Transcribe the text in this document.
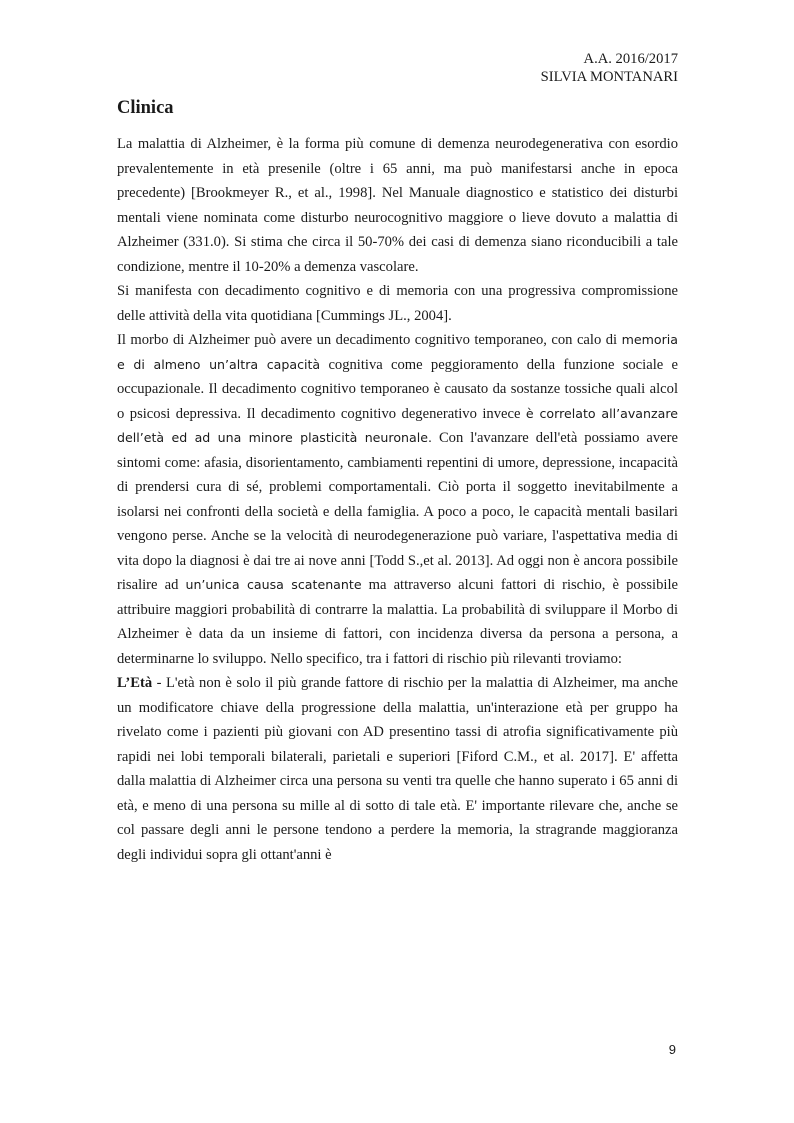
A.A. 2016/2017
SILVIA MONTANARI
Clinica

La malattia di Alzheimer, è la forma più comune di demenza neurodegenerativa con esordio prevalentemente in età presenile (oltre i 65 anni, ma può manifestarsi anche in epoca precedente) [Brookmeyer R., et al., 1998]. Nel Manuale diagnostico e statistico dei disturbi mentali viene nominata come disturbo neurocognitivo maggiore o lieve dovuto a malattia di Alzheimer (331.0). Si stima che circa il 50-70% dei casi di demenza siano riconducibili a tale condizione, mentre il 10-20% a demenza vascolare.

Si manifesta con decadimento cognitivo e di memoria con una progressiva compromissione delle attività della vita quotidiana [Cummings JL., 2004].

Il morbo di Alzheimer può avere un decadimento cognitivo temporaneo, con calo di memoria e di almeno un’altra capacità cognitiva come peggioramento della funzione sociale e occupazionale. Il decadimento cognitivo temporaneo è causato da sostanze tossiche quali alcol o psicosi depressiva. Il decadimento cognitivo degenerativo invece è correlato all’avanzare dell’età ed ad una minore plasticità neuronale. Con l'avanzare dell'età possiamo avere sintomi come: afasia, disorientamento, cambiamenti repentini di umore, depressione, incapacità di prendersi cura di sé, problemi comportamentali. Ciò porta il soggetto inevitabilmente a isolarsi nei confronti della società e della famiglia. A poco a poco, le capacità mentali basilari vengono perse. Anche se la velocità di neurodegenerazione può variare, l'aspettativa media di vita dopo la diagnosi è dai tre ai nove anni [Todd S.,et al. 2013]. Ad oggi non è ancora possibile risalire ad un’unica causa scatenante ma attraverso alcuni fattori di rischio, è possibile attribuire maggiori probabilità di contrarre la malattia. La probabilità di sviluppare il Morbo di Alzheimer è data da un insieme di fattori, con incidenza diversa da persona a persona, a determinarne lo sviluppo. Nello specifico, tra i fattori di rischio più rilevanti troviamo:

L’Età - L'età non è solo il più grande fattore di rischio per la malattia di Alzheimer, ma anche un modificatore chiave della progressione della malattia, un'interazione età per gruppo ha rivelato come i pazienti più giovani con AD presentino tassi di atrofia significativamente più rapidi nei lobi temporali bilaterali, parietali e superiori [Fiford C.M., et al. 2017]. E' affetta dalla malattia di Alzheimer circa una persona su venti tra quelle che hanno superato i 65 anni di età, e meno di una persona su mille al di sotto di tale età. E' importante rilevare che, anche se col passare degli anni le persone tendono a perdere la memoria, la stragrande maggioranza degli individui sopra gli ottant'anni è

9
